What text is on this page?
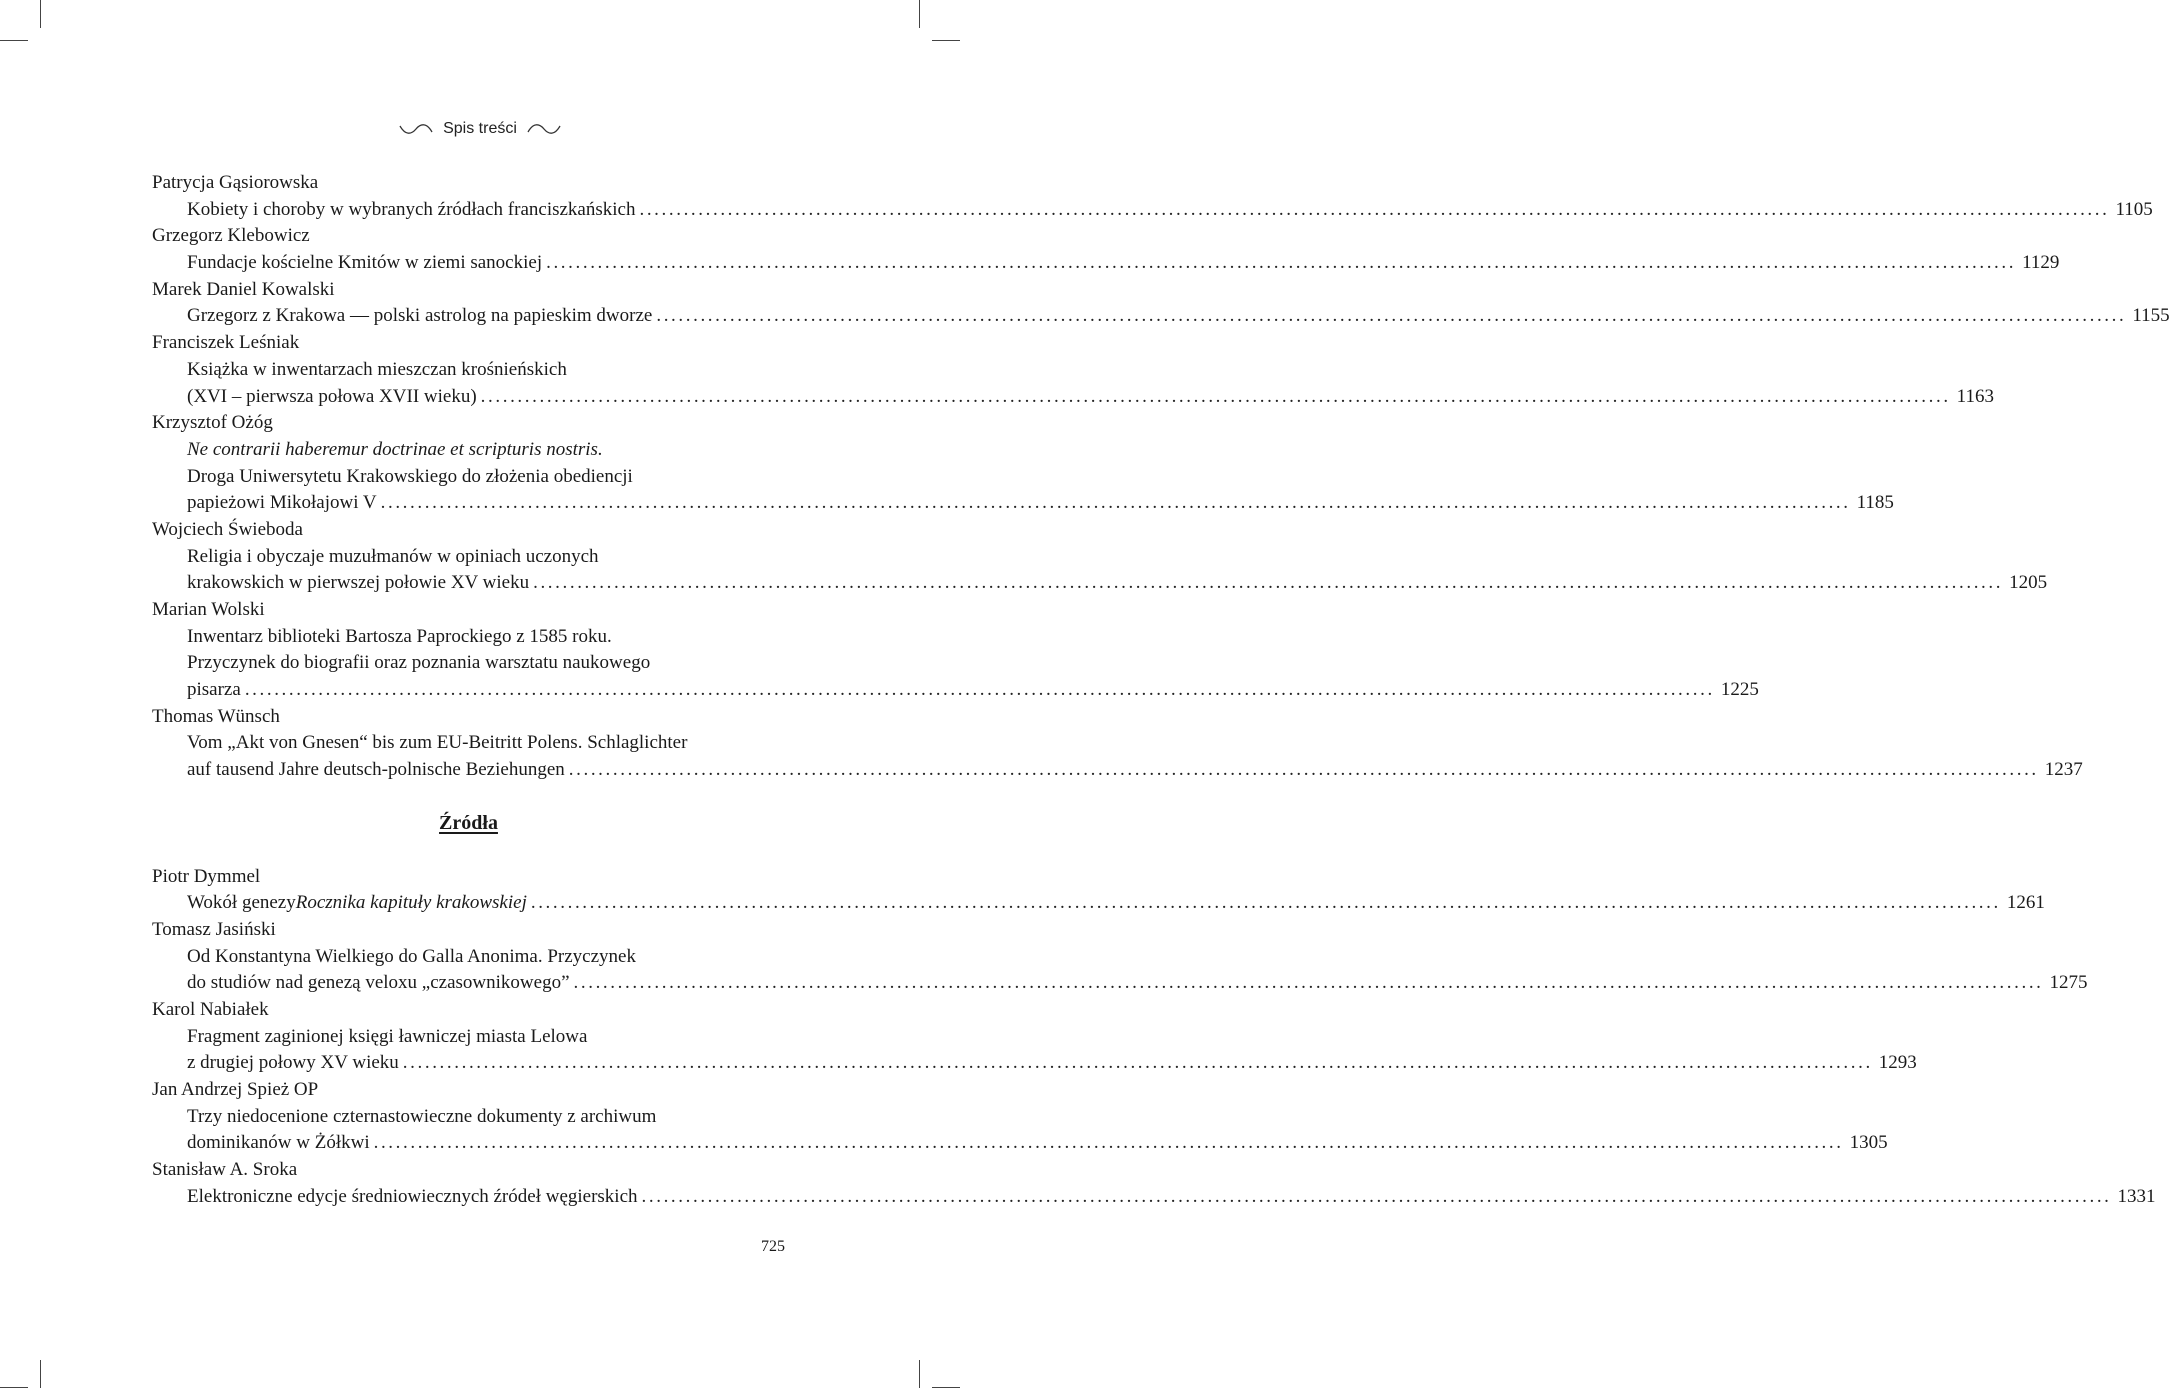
Spis treści
Patrycja Gąsiorowska
Kobiety i choroby w wybranych źródłach franciszkańskich ........................................................................................................................................................................................................ 1105
Grzegorz Klebowicz
Fundacje kościelne Kmitów w ziemi sanockiej ........................................................................................................................................................................................................ 1129
Marek Daniel Kowalski
Grzegorz z Krakowa — polski astrolog na papieskim dworze ........................................................................................................................................................................................................ 1155
Franciszek Leśniak
Książka w inwentarzach mieszczan krośnieńskich
(XVI – pierwsza połowa XVII wieku) ........................................................................................................................................................................................................ 1163
Krzysztof Ożóg
Ne contrarii haberemur doctrinae et scripturis nostris.
Droga Uniwersytetu Krakowskiego do złożenia obediencji
papieżowi Mikołajowi V ........................................................................................................................................................................................................ 1185
Wojciech Świeboda
Religia i obyczaje muzułmanów w opiniach uczonych
krakowskich w pierwszej połowie XV wieku ........................................................................................................................................................................................................ 1205
Marian Wolski
Inwentarz biblioteki Bartosza Paprockiego z 1585 roku.
Przyczynek do biografii oraz poznania warsztatu naukowego
pisarza ........................................................................................................................................................................................................ 1225
Thomas Wünsch
Vom „Akt von Gnesen“ bis zum EU-Beitritt Polens. Schlaglichter
auf tausend Jahre deutsch-polnische Beziehungen ........................................................................................................................................................................................................ 1237
Źródła
Piotr Dymmel
Wokół genezy Rocznika kapituły krakowskiej ........................................................................................................................................................................................................ 1261
Tomasz Jasiński
Od Konstantyna Wielkiego do Galla Anonima. Przyczynek
do studiów nad genezą veloxu „czasownikowego” ........................................................................................................................................................................................................ 1275
Karol Nabiałek
Fragment zaginionej księgi ławniczej miasta Lelowa
z drugiej połowy XV wieku ........................................................................................................................................................................................................ 1293
Jan Andrzej Spież OP
Trzy niedocenione czternastowieczne dokumenty z archiwum
dominikanów w Żółkwi ........................................................................................................................................................................................................ 1305
Stanisław A. Sroka
Elektroniczne edycje średniowiecznych źródeł węgierskich ........................................................................................................................................................................................................ 1331
725
